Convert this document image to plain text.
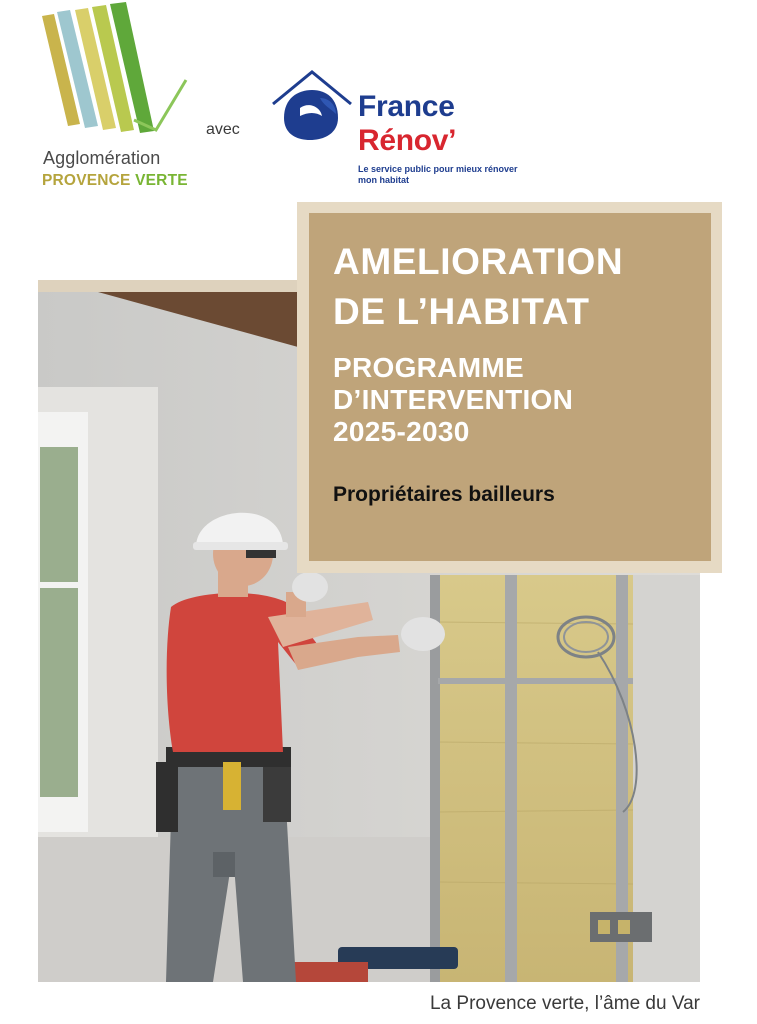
Agglomération
PROVENCE VERTE
avec
France
Rénov’
Le service public pour mieux rénover mon habitat
AMELIORATION
DE L’HABITAT
PROGRAMME
D’INTERVENTION
2025-2030
Propriétaires bailleurs
La Provence verte, l’âme du Var
